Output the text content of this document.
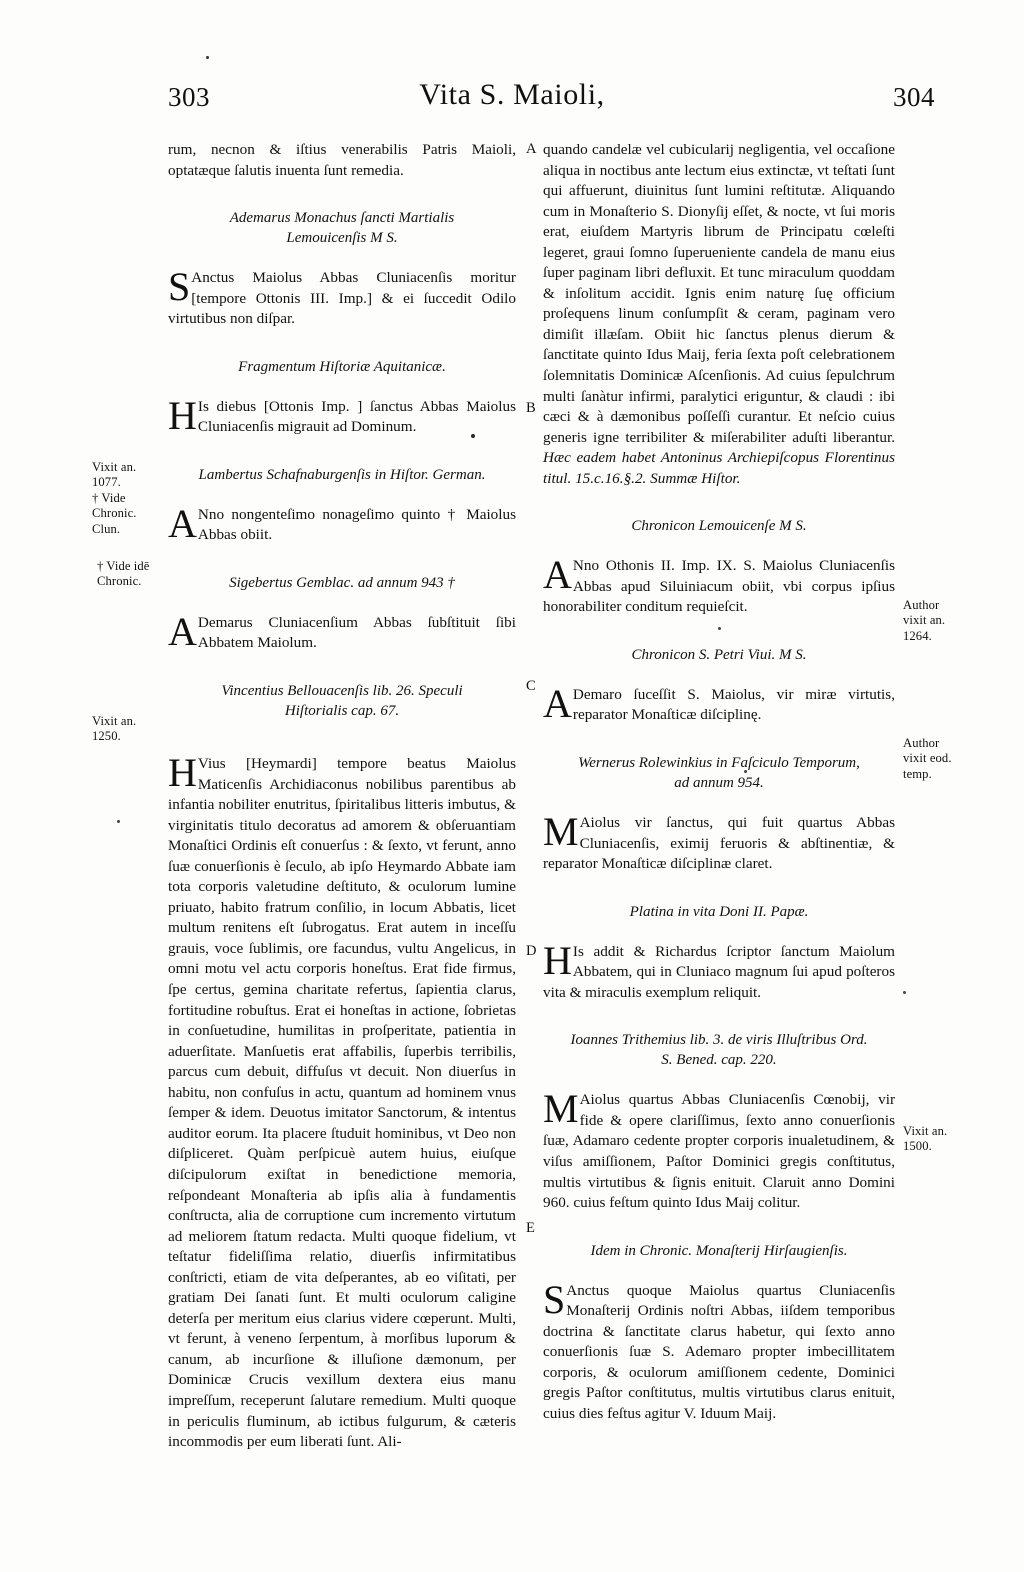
303	Vita S. Maioli,	304
A
B
C
D
E
Vixit an.
1077.
† Vide
Chronic.
Clun.
† Vide idē
Chronic.
Vixit an.
1250.
Author
vixit an.
1264.
Author
vixit eod.
temp.
Vixit an.
1500.

rum, necnon & iſtius venerabilis Patris Maioli, optatæque ſalutis inuenta ſunt remedia.

Ademarus Monachus ſancti Martialis
Lemouicenſis M S.

S Anctus Maiolus Abbas Cluniacenſis moritur [tempore Ottonis III. Imp.] & ei ſuccedit Odilo virtutibus non diſpar.

Fragmentum Hiſtoriæ Aquitanicæ.

H Is diebus [Ottonis Imp. ] ſanctus Abbas Maiolus Cluniacenſis migrauit ad Dominum.

Lambertus Schafnaburgenſis in Hiſtor. German.

A Nno nongenteſimo nonageſimo quinto † Maiolus Abbas obiit.

Sigebertus Gemblac. ad annum 943 †

A Demarus Cluniacenſium Abbas ſubſtituit ſibi Abbatem Maiolum.

Vincentius Bellouacenſis lib. 26. Speculi
Hiſtorialis cap. 67.

H Vius [Heymardi] tempore beatus Maiolus Maticenſis Archidiaconus nobilibus parentibus ab infantia nobiliter enutritus, ſpiritalibus litteris imbutus, & virginitatis titulo decoratus ad amorem & obſeruantiam Monaſtici Ordinis eſt conuerſus : & ſexto, vt ferunt, anno ſuæ conuerſionis è ſeculo, ab ipſo Heymardo Abbate iam tota corporis valetudine deſtituto, & oculorum lumine priuato, habito fratrum conſilio, in locum Abbatis, licet multum renitens eſt ſubrogatus. Erat autem in inceſſu grauis, voce ſublimis, ore facundus, vultu Angelicus, in omni motu vel actu corporis honeſtus. Erat fide firmus, ſpe certus, gemina charitate refertus, ſapientia clarus, fortitudine robuſtus. Erat ei honeſtas in actione, ſobrietas in conſuetudine, humilitas in proſperitate, patientia in aduerſitate. Manſuetis erat affabilis, ſuperbis terribilis, parcus cum debuit, diffuſus vt decuit. Non diuerſus in habitu, non confuſus in actu, quantum ad hominem vnus ſemper & idem. Deuotus imitator Sanctorum, & intentus auditor eorum. Ita placere ſtuduit hominibus, vt Deo non diſpliceret. Quàm perſpicuè autem huius, eiuſque diſcipulorum exiſtat in benedictione memoria, reſpondeant Monaſteria ab ipſis alia à fundamentis conſtructa, alia de corruptione cum incremento virtutum ad meliorem ſtatum redacta. Multi quoque fidelium, vt teſtatur fideliſſima relatio, diuerſis infirmitatibus conſtricti, etiam de vita deſperantes, ab eo viſitati, per gratiam Dei ſanati ſunt. Et multi oculorum caligine deterſa per meritum eius clarius videre cœperunt. Multi, vt ferunt, à veneno ſerpentum, à morſibus luporum & canum, ab incurſione & illuſione dæmonum, per Dominicæ Crucis vexillum dextera eius manu impreſſum, receperunt ſalutare remedium. Multi quoque in periculis fluminum, ab ictibus fulgurum, & cæteris incommodis per eum liberati ſunt. Ali-

quando candelæ vel cubicularij negligentia, vel occaſione aliqua in noctibus ante lectum eius extinctæ, vt teſtati ſunt qui affuerunt, diuinitus ſunt lumini reſtitutæ. Aliquando cum in Monaſterio S. Dionyſij eſſet, & nocte, vt ſui moris erat, eiuſdem Martyris librum de Principatu cœleſti legeret, graui ſomno ſuperueniente candela de manu eius ſuper paginam libri defluxit. Et tunc miraculum quoddam & inſolitum accidit. Ignis enim naturę ſuę officium proſequens linum conſumpſit & ceram, paginam vero dimiſit illæſam. Obiit hic ſanctus plenus dierum & ſanctitate quinto Idus Maij, feria ſexta poſt celebrationem ſolemnitatis Dominicæ Aſcenſionis. Ad cuius ſepulchrum multi ſanàtur infirmi, paralytici eriguntur, & claudi : ibi cæci & à dæmonibus poſſeſſi curantur. Et neſcio cuius generis igne terribiliter & miſerabiliter aduſti liberantur. Hæc eadem habet Antoninus Archiepiſcopus Florentinus titul. 15.c.16.§.2. Summæ Hiſtor.

Chronicon Lemouicenſe M S.

A Nno Othonis II. Imp. IX. S. Maiolus Cluniacenſis Abbas apud Siluiniacum obiit, vbi corpus ipſius honorabiliter conditum requieſcit.

Chronicon S. Petri Viui. M S.

A Demaro ſuceſſit S. Maiolus, vir miræ virtutis, reparator Monaſticæ diſciplinę.

Wernerus Rolewinkius in Faſciculo Temporum,
ad annum 954.

M Aiolus vir ſanctus, qui fuit quartus Abbas Cluniacenſis, eximij feruoris & abſtinentiæ, & reparator Monaſticæ diſciplinæ claret.

Platina in vita Doni II. Papæ.

H Is addit & Richardus ſcriptor ſanctum Maiolum Abbatem, qui in Cluniaco magnum ſui apud poſteros vita & miraculis exemplum reliquit.

Ioannes Trithemius lib. 3. de viris Illuſtribus Ord.
S. Bened. cap. 220.

M Aiolus quartus Abbas Cluniacenſis Cœnobij, vir fide & opere clariſſimus, ſexto anno conuerſionis ſuæ, Adamaro cedente propter corporis inualetudinem, & viſus amiſſionem, Paſtor Dominici gregis conſtitutus, multis virtutibus & ſignis enituit. Claruit anno Domini 960. cuius feſtum quinto Idus Maij colitur.

Idem in Chronic. Monaſterij Hirſaugienſis.

S Anctus quoque Maiolus quartus Cluniacenſis Monaſterij Ordinis noſtri Abbas, iiſdem temporibus doctrina & ſanctitate clarus habetur, qui ſexto anno conuerſionis ſuæ S. Ademaro propter imbecillitatem corporis, & oculorum amiſſionem cedente, Dominici gregis Paſtor conſtitutus, multis virtutibus clarus enituit, cuius dies feſtus agitur V. Iduum Maij.
